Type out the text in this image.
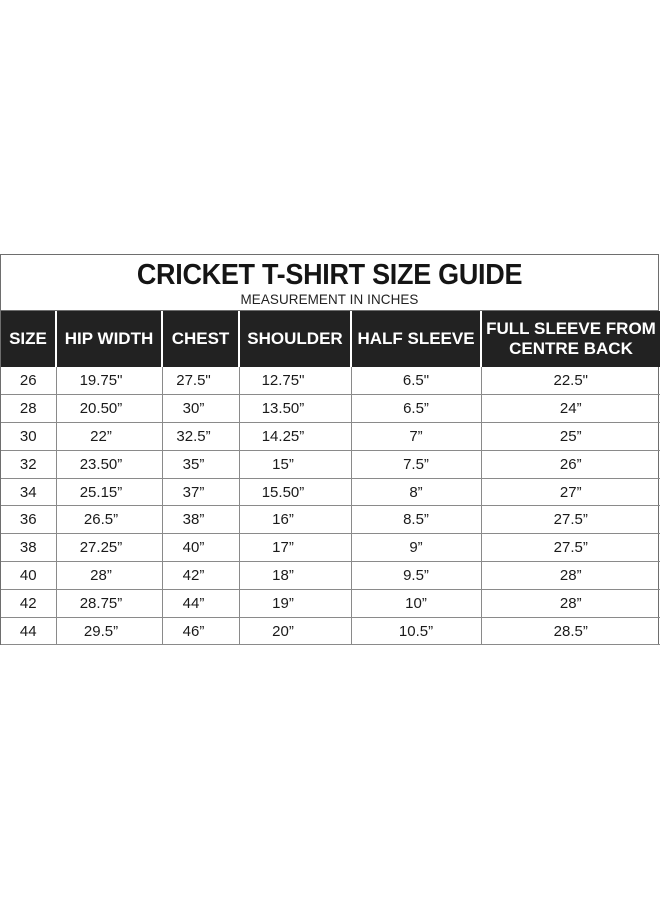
CRICKET T-SHIRT SIZE GUIDE
MEASUREMENT IN INCHES
SIZE	HIP WIDTH	CHEST	SHOULDER	HALF SLEEVE	FULL SLEEVE FROM CENTRE BACK
26	19.75"	27.5"	12.75"	6.5"	22.5"
28	20.50”	30”	13.50”	6.5”	24”
30	22”	32.5”	14.25”	7”	25”
32	23.50”	35”	15”	7.5”	26”
34	25.15”	37”	15.50”	8”	27”
36	26.5”	38”	16”	8.5”	27.5”
38	27.25”	40”	17”	9”	27.5”
40	28”	42”	18”	9.5”	28”
42	28.75”	44”	19”	10”	28”
44	29.5”	46”	20”	10.5”	28.5”
